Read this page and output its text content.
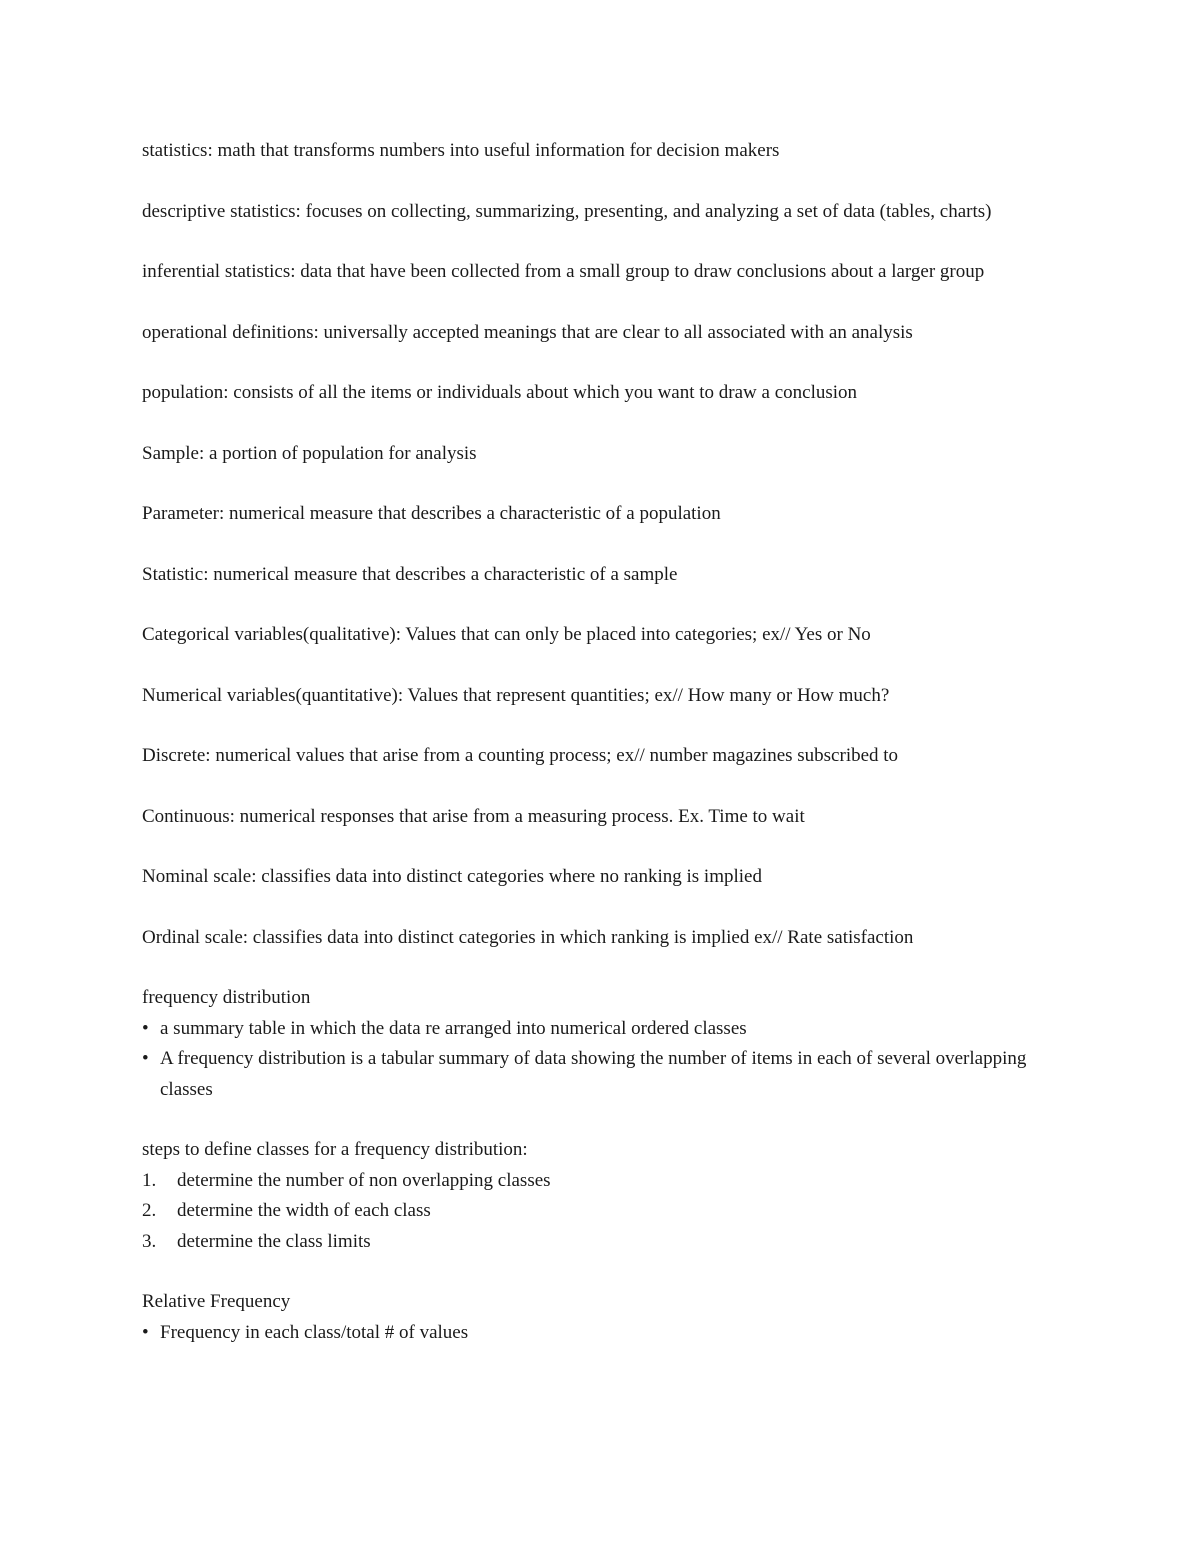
statistics: math that transforms numbers into useful information for decision makers

descriptive statistics: focuses on collecting, summarizing, presenting, and analyzing a set of data (tables, charts)

inferential statistics: data that have been collected from a small group to draw conclusions about a larger group

operational definitions: universally accepted meanings that are clear to all associated with an analysis

population: consists of all the items or individuals about which you want to draw a conclusion

Sample: a portion of population for analysis

Parameter: numerical measure that describes a characteristic of a population

Statistic: numerical measure that describes a characteristic of a sample

Categorical variables(qualitative): Values that can only be placed into categories; ex// Yes or No

Numerical variables(quantitative): Values that represent quantities; ex// How many or How much?

Discrete: numerical values that arise from a counting process; ex// number magazines subscribed to

Continuous: numerical responses that arise from a measuring process. Ex. Time to wait

Nominal scale: classifies data into distinct categories where no ranking is implied

Ordinal scale: classifies data into distinct categories in which ranking is implied ex// Rate satisfaction

frequency distribution

• a summary table in which the data re arranged into numerical ordered classes
• A frequency distribution is a tabular summary of data showing the number of items in each of several overlapping classes

steps to define classes for a frequency distribution:

1.	determine the number of non overlapping classes
2.	determine the width of each class
3.	determine the class limits

Relative Frequency

• Frequency in each class/total # of values
